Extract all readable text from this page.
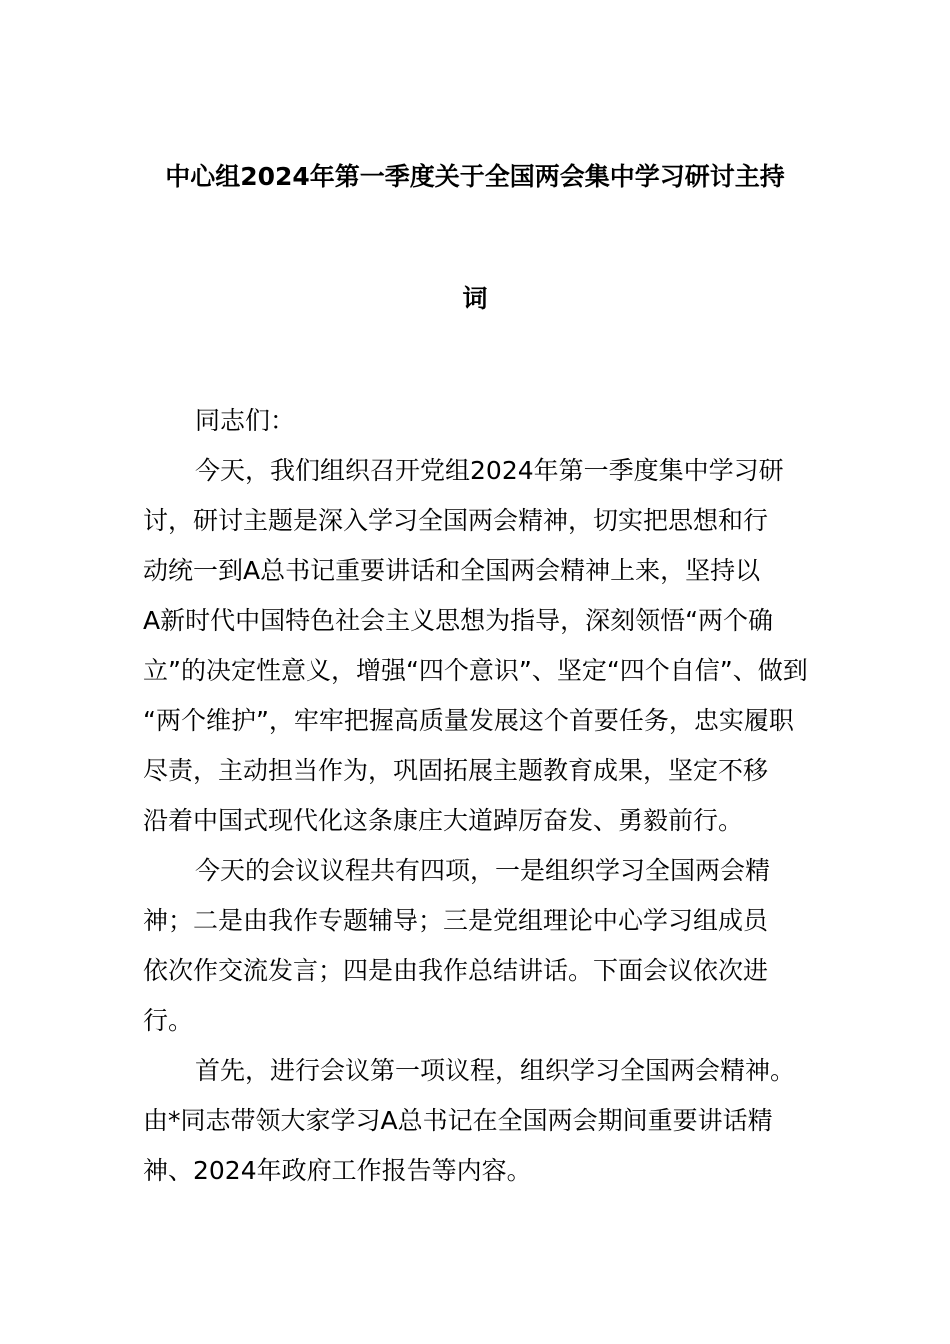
中心组2024年第一季度关于全国两会集中学习研讨主持
词
同志们：
今天，我们组织召开党组2024年第一季度集中学习研
讨，研讨主题是深入学习全国两会精神，切实把思想和行
动统一到A总书记重要讲话和全国两会精神上来，坚持以
A新时代中国特色社会主义思想为指导，深刻领悟“两个确
立”的决定性意义，增强“四个意识”、坚定“四个自信”、做到
“两个维护”，牢牢把握高质量发展这个首要任务，忠实履职
尽责，主动担当作为，巩固拓展主题教育成果，坚定不移
沿着中国式现代化这条康庄大道踔厉奋发、勇毅前行。
今天的会议议程共有四项，一是组织学习全国两会精
神；二是由我作专题辅导；三是党组理论中心学习组成员
依次作交流发言；四是由我作总结讲话。下面会议依次进
行。
首先，进行会议第一项议程，组织学习全国两会精神。
由*同志带领大家学习A总书记在全国两会期间重要讲话精
神、2024年政府工作报告等内容。
